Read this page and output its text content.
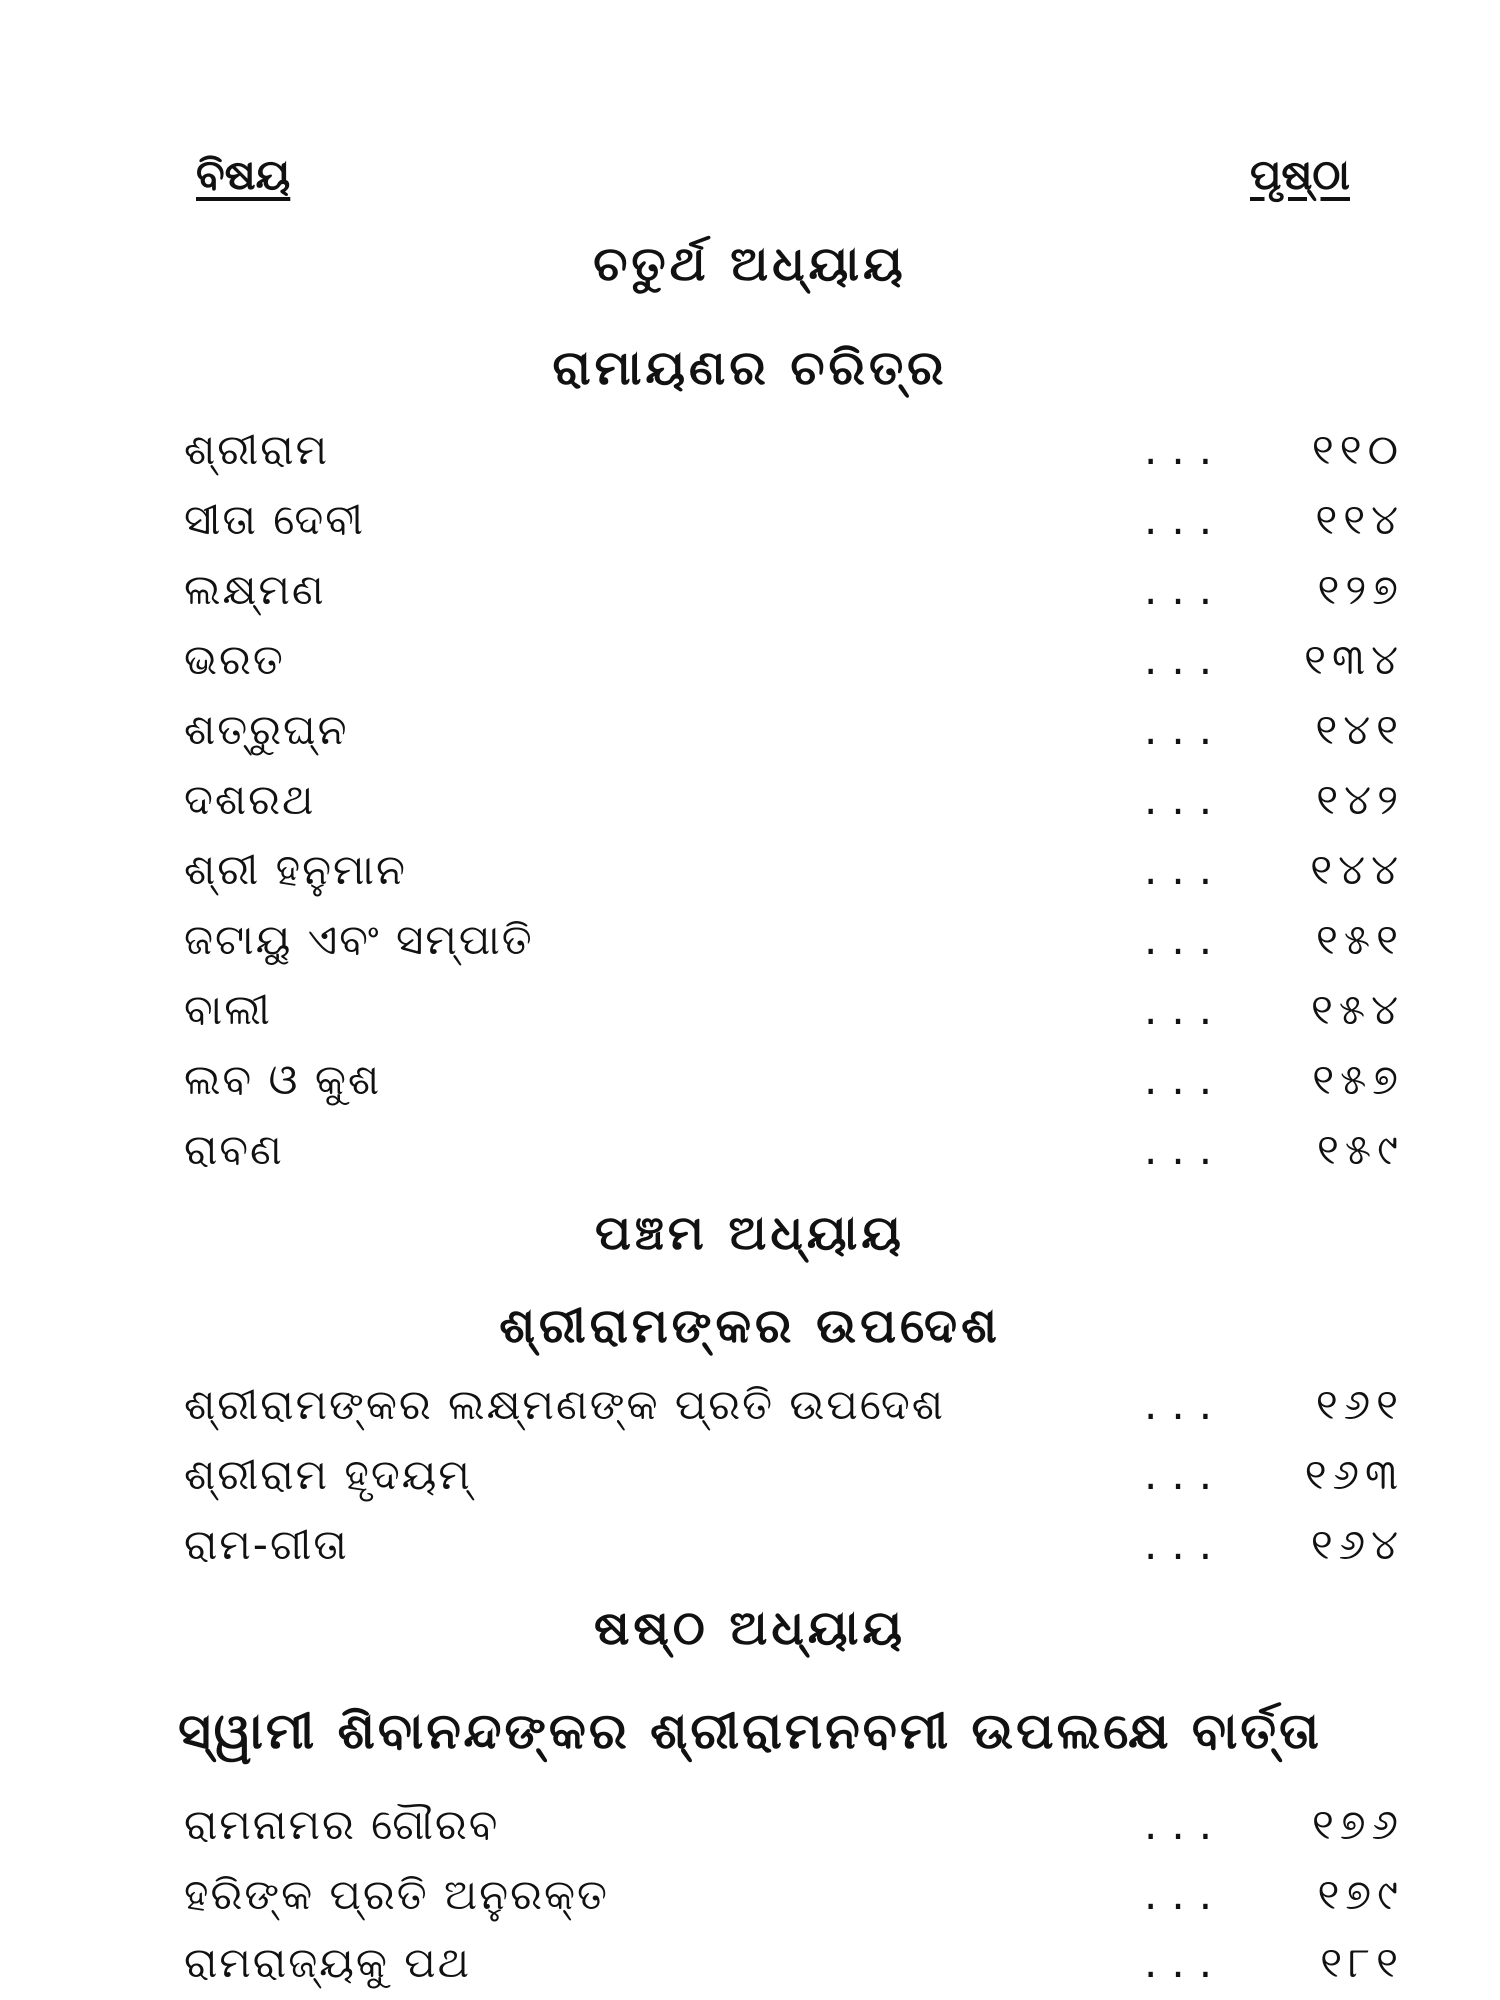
ବିଷୟ	ପୃଷ୍ଠା
ଚତୁର୍ଥ ଅଧ୍ୟାୟ
ରାମାୟଣର ଚରିତ୍ର
ଶ୍ରୀରାମ	... ୧୧୦
ସୀତା ଦେବୀ	... ୧୧୪
ଲକ୍ଷ୍ମଣ	... ୧୨୭
ଭରତ	... ୧୩୪
ଶତ୍ରୁଘ୍ନ	... ୧୪୧
ଦଶରଥ	... ୧୪୨
ଶ୍ରୀ ହନୁମାନ	... ୧୪୪
ଜଟାୟୁ ଏବଂ ସମ୍ପାତି	... ୧୫୧
ବାଲୀ	... ୧୫୪
ଲବ ଓ କୁଶ	... ୧୫୭
ରାବଣ	... ୧୫୯
ପଞ୍ଚମ ଅଧ୍ୟାୟ
ଶ୍ରୀରାମଙ୍କର ଉପଦେଶ
ଶ୍ରୀରାମଙ୍କର ଲକ୍ଷ୍ମଣଙ୍କ ପ୍ରତି ଉପଦେଶ	... ୧୬୧
ଶ୍ରୀରାମ ହୃଦୟମ୍	... ୧୬୩
ରାମ-ଗୀତା	... ୧୬୪
ଷଷ୍ଠ ଅଧ୍ୟାୟ
ସ୍ୱାମୀ ଶିବାନନ୍ଦଙ୍କର ଶ୍ରୀରାମନବମୀ ଉପଲକ୍ଷେ ବାର୍ତ୍ତା
ରାମନାମର ଗୌରବ	... ୧୭୬
ହରିଙ୍କ ପ୍ରତି ଅନୁରକ୍ତ	... ୧୭୯
ରାମରାଜ୍ୟକୁ ପଥ	... ୧୮୧
